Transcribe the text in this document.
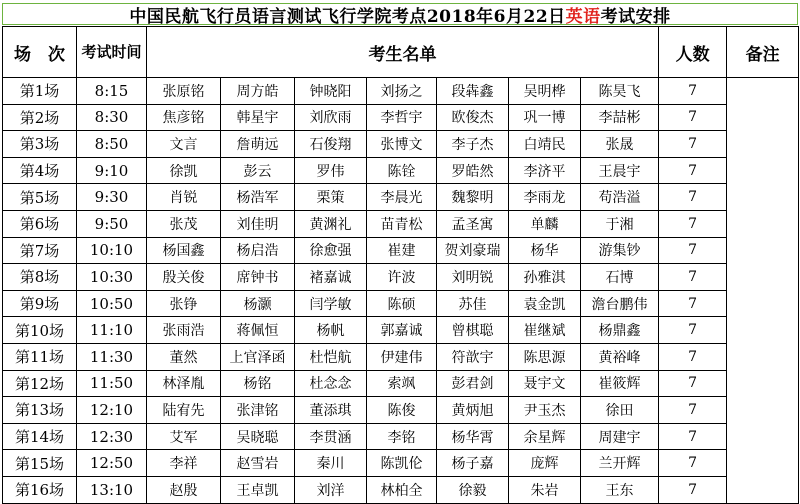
中国民航飞行员语言测试飞行学院考点2018年6月22日 英语 考试安排
场　次	考试时间	考生名单							人数	备注
第1场	8:15	张原铭	周方皓	钟晓阳	刘扬之	段犇鑫	吴明桦	陈昊飞	7	
第2场	8:30	焦彦铭	韩星宇	刘欣雨	李哲宇	欧俊杰	巩一博	李喆彬	7	
第3场	8:50	文言	詹萌远	石俊翔	张博文	李子杰	白靖民	张晟	7	
第4场	9:10	徐凯	彭云	罗伟	陈铨	罗皓然	李济平	王晨宇	7	
第5场	9:30	肖锐	杨浩军	栗策	李晨光	魏黎明	李雨龙	苟浩溢	7	
第6场	9:50	张茂	刘佳明	黄渊礼	苗青松	孟圣寓	单麟	于湘	7	
第7场	10:10	杨国鑫	杨启浩	徐愈强	崔建	贺刘豪瑞	杨华	游集钞	7	
第8场	10:30	殷关俊	席钟书	褚嘉诚	许波	刘明锐	孙雅淇	石博	7	
第9场	10:50	张铮	杨灏	闫学敏	陈硕	苏佳	袁金凯	澹台鹏伟	7	
第10场	11:10	张雨浩	蒋佩恒	杨帆	郭嘉诚	曾棋聪	崔继斌	杨鼎鑫	7	
第11场	11:30	董然	上官泽函	杜恺航	伊建伟	符歆宇	陈思源	黄裕峰	7	
第12场	11:50	林泽胤	杨铭	杜念念	索飒	彭君剑	聂宇文	崔筱辉	7	
第13场	12:10	陆宥先	张津铭	董添琪	陈俊	黄炳旭	尹玉杰	徐田	7	
第14场	12:30	艾军	吴晓聪	李贯涵	李铭	杨华霄	余星辉	周建宇	7	
第15场	12:50	李祥	赵雪岩	秦川	陈凯伦	杨子嘉	庞辉	兰开辉	7	
第16场	13:10	赵殷	王卓凯	刘洋	林柏全	徐毅	朱岩	王东	7	
